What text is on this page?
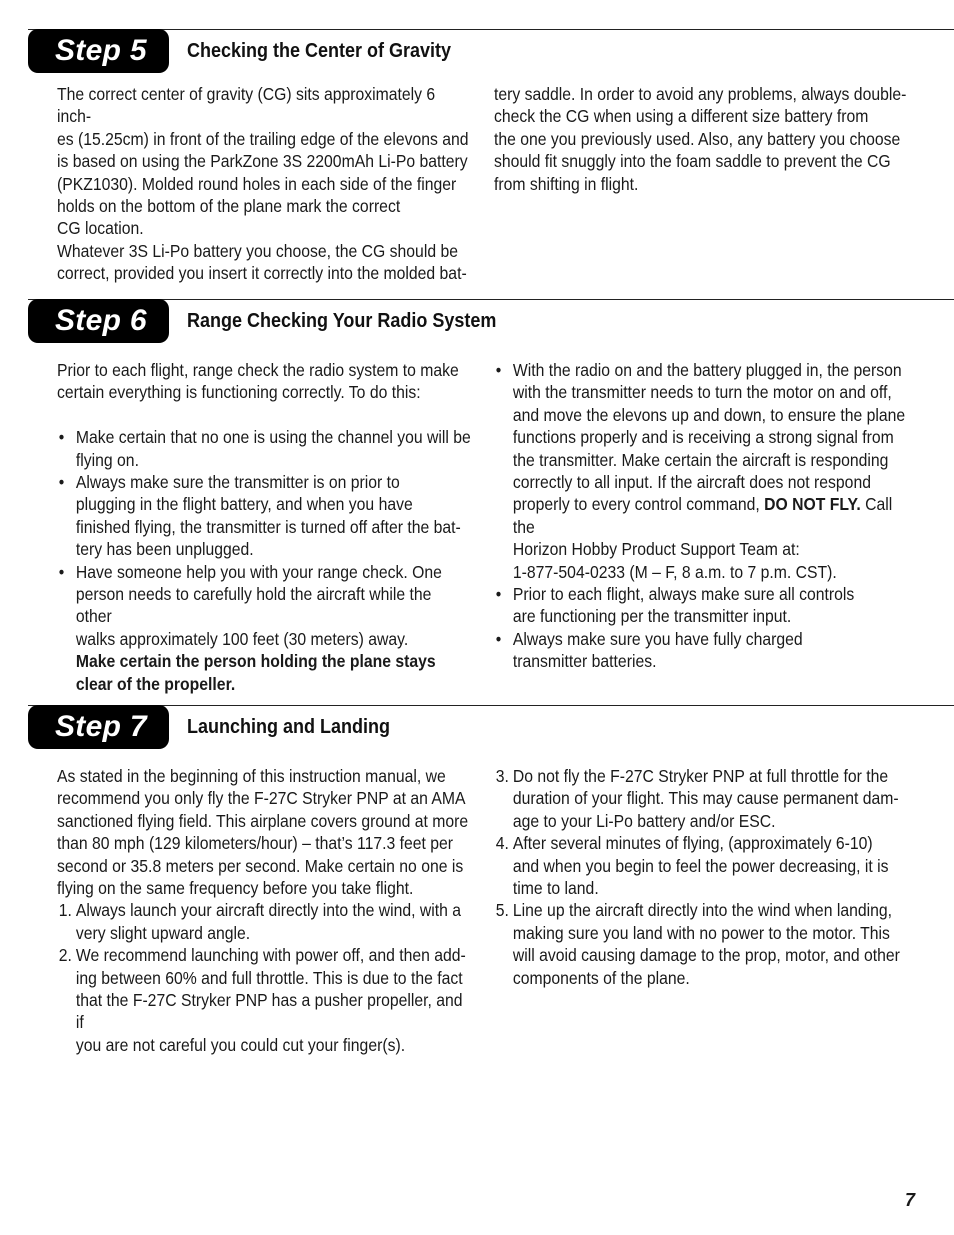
Step 5	Checking the Center of Gravity
The correct center of gravity (CG) sits approximately 6 inch-
es (15.25cm) in front of the trailing edge of the elevons and
is based on using the ParkZone 3S 2200mAh Li-Po battery
(PKZ1030). Molded round holes in each side of the finger
holds on the bottom of the plane mark the correct
CG location.
Whatever 3S Li-Po battery you choose, the CG should be
correct, provided you insert it correctly into the molded bat-

tery saddle. In order to avoid any problems, always double-
check the CG when using a different size battery from
the one you previously used. Also, any battery you choose
should fit snuggly into the foam saddle to prevent the CG
from shifting in flight.

Step 6	Range Checking Your Radio System
Prior to each flight, range check the radio system to make
certain everything is functioning correctly. To do this:

• Make certain that no one is using the channel you will be
flying on.

• Always make sure the transmitter is on prior to
plugging in the flight battery, and when you have
finished flying, the transmitter is turned off after the bat-
tery has been unplugged.

• Have someone help you with your range check. One
person needs to carefully hold the aircraft while the other
walks approximately 100 feet (30 meters) away.
Make certain the person holding the plane stays
clear of the propeller.

• With the radio on and the battery plugged in, the person
with the transmitter needs to turn the motor on and off,
and move the elevons up and down, to ensure the plane
functions properly and is receiving a strong signal from
the transmitter. Make certain the aircraft is responding
correctly to all input. If the aircraft does not respond
properly to every control command, DO NOT FLY. Call the
Horizon Hobby Product Support Team at:
1-877-504-0233 (M – F, 8 a.m. to 7 p.m. CST).

• Prior to each flight, always make sure all controls
are functioning per the transmitter input.

• Always make sure you have fully charged
transmitter batteries.

Step 7	Launching and Landing
As stated in the beginning of this instruction manual, we
recommend you only fly the F-27C Stryker PNP at an AMA
sanctioned flying field. This airplane covers ground at more
than 80 mph (129 kilometers/hour) – that’s 117.3 feet per
second or 35.8 meters per second. Make certain no one is
flying on the same frequency before you take flight.

1. Always launch your aircraft directly into the wind, with a
very slight upward angle.

2. We recommend launching with power off, and then add-
ing between 60% and full throttle. This is due to the fact
that the F-27C Stryker PNP has a pusher propeller, and if
you are not careful you could cut your finger(s).

3. Do not fly the F-27C Stryker PNP at full throttle for the
duration of your flight. This may cause permanent dam-
age to your Li-Po battery and/or ESC.

4. After several minutes of flying, (approximately 6-10)
and when you begin to feel the power decreasing, it is
time to land.

5. Line up the aircraft directly into the wind when landing,
making sure you land with no power to the motor. This
will avoid causing damage to the prop, motor, and other
components of the plane.

7
